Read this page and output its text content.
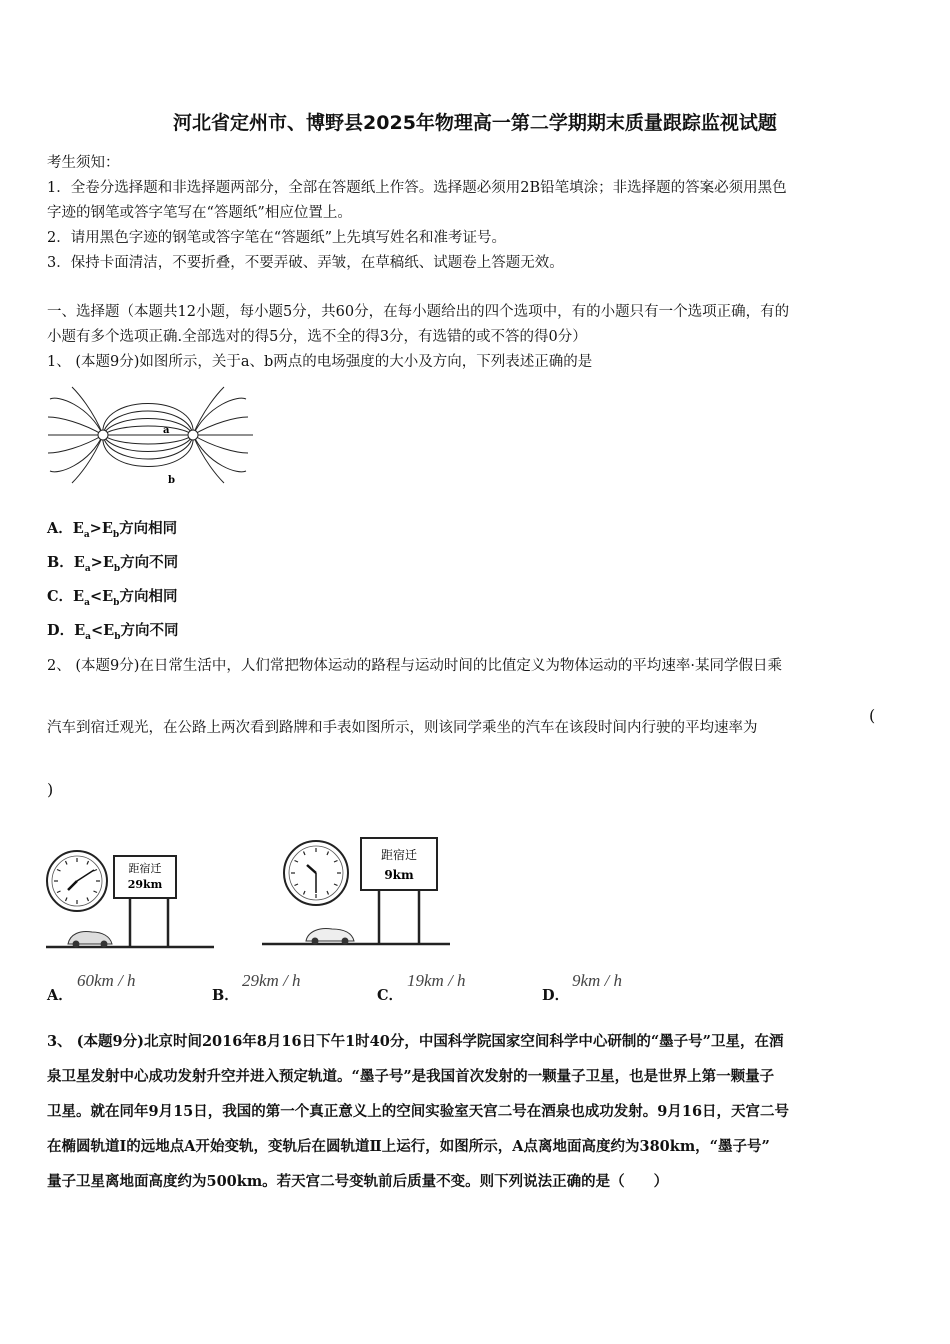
河北省定州市、博野县2025年物理高一第二学期期末质量跟踪监视试题
考生须知：
1．全卷分选择题和非选择题两部分，全部在答题纸上作答。选择题必须用2B铅笔填涂；非选择题的答案必须用黑色
字迹的钢笔或答字笔写在“答题纸”相应位置上。
2．请用黑色字迹的钢笔或答字笔在“答题纸”上先填写姓名和准考证号。
3．保持卡面清洁，不要折叠，不要弄破、弄皱，在草稿纸、试题卷上答题无效。
一、选择题（本题共12小题，每小题5分，共60分，在每小题给出的四个选项中，有的小题只有一个选项正确，有的
小题有多个选项正确.全部选对的得5分，选不全的得3分，有选错的或不答的得0分）
1、 (本题9分)如图所示，关于a、b两点的电场强度的大小及方向，下列表述正确的是
a
b
A．$E_a>E_b$方向相同
B．$E_a>E_b$方向不同
C．$E_a<E_b$方向相同
D．$E_a<E_b$方向不同
2、 (本题9分)在日常生活中，人们常把物体运动的路程与运动时间的比值定义为物体运动的平均速率·某同学假日乘
汽车到宿迁观光，在公路上两次看到路牌和手表如图所示，则该同学乘坐的汽车在该段时间内行驶的平均速率为
(
)
距宿迁
29km
距宿迁
9km
A．
60km / h
B．
29km / h
C．
19km / h
D．
9km / h
3、 (本题9分)北京时间2016年8月16日下午1时40分，中国科学院国家空间科学中心研制的“墨子号”卫星，在酒
泉卫星发射中心成功发射升空并进入预定轨道。“墨子号”是我国首次发射的一颗量子卫星，也是世界上第一颗量子
卫星。就在同年9月15日，我国的第一个真正意义上的空间实验室天宫二号在酒泉也成功发射。9月16日，天宫二号
在椭圆轨道Ⅰ的远地点A开始变轨，变轨后在圆轨道Ⅱ上运行，如图所示，A点离地面高度约为380km，“墨子号”
量子卫星离地面高度约为500km。若天宫二号变轨前后质量不变。则下列说法正确的是（　　）
